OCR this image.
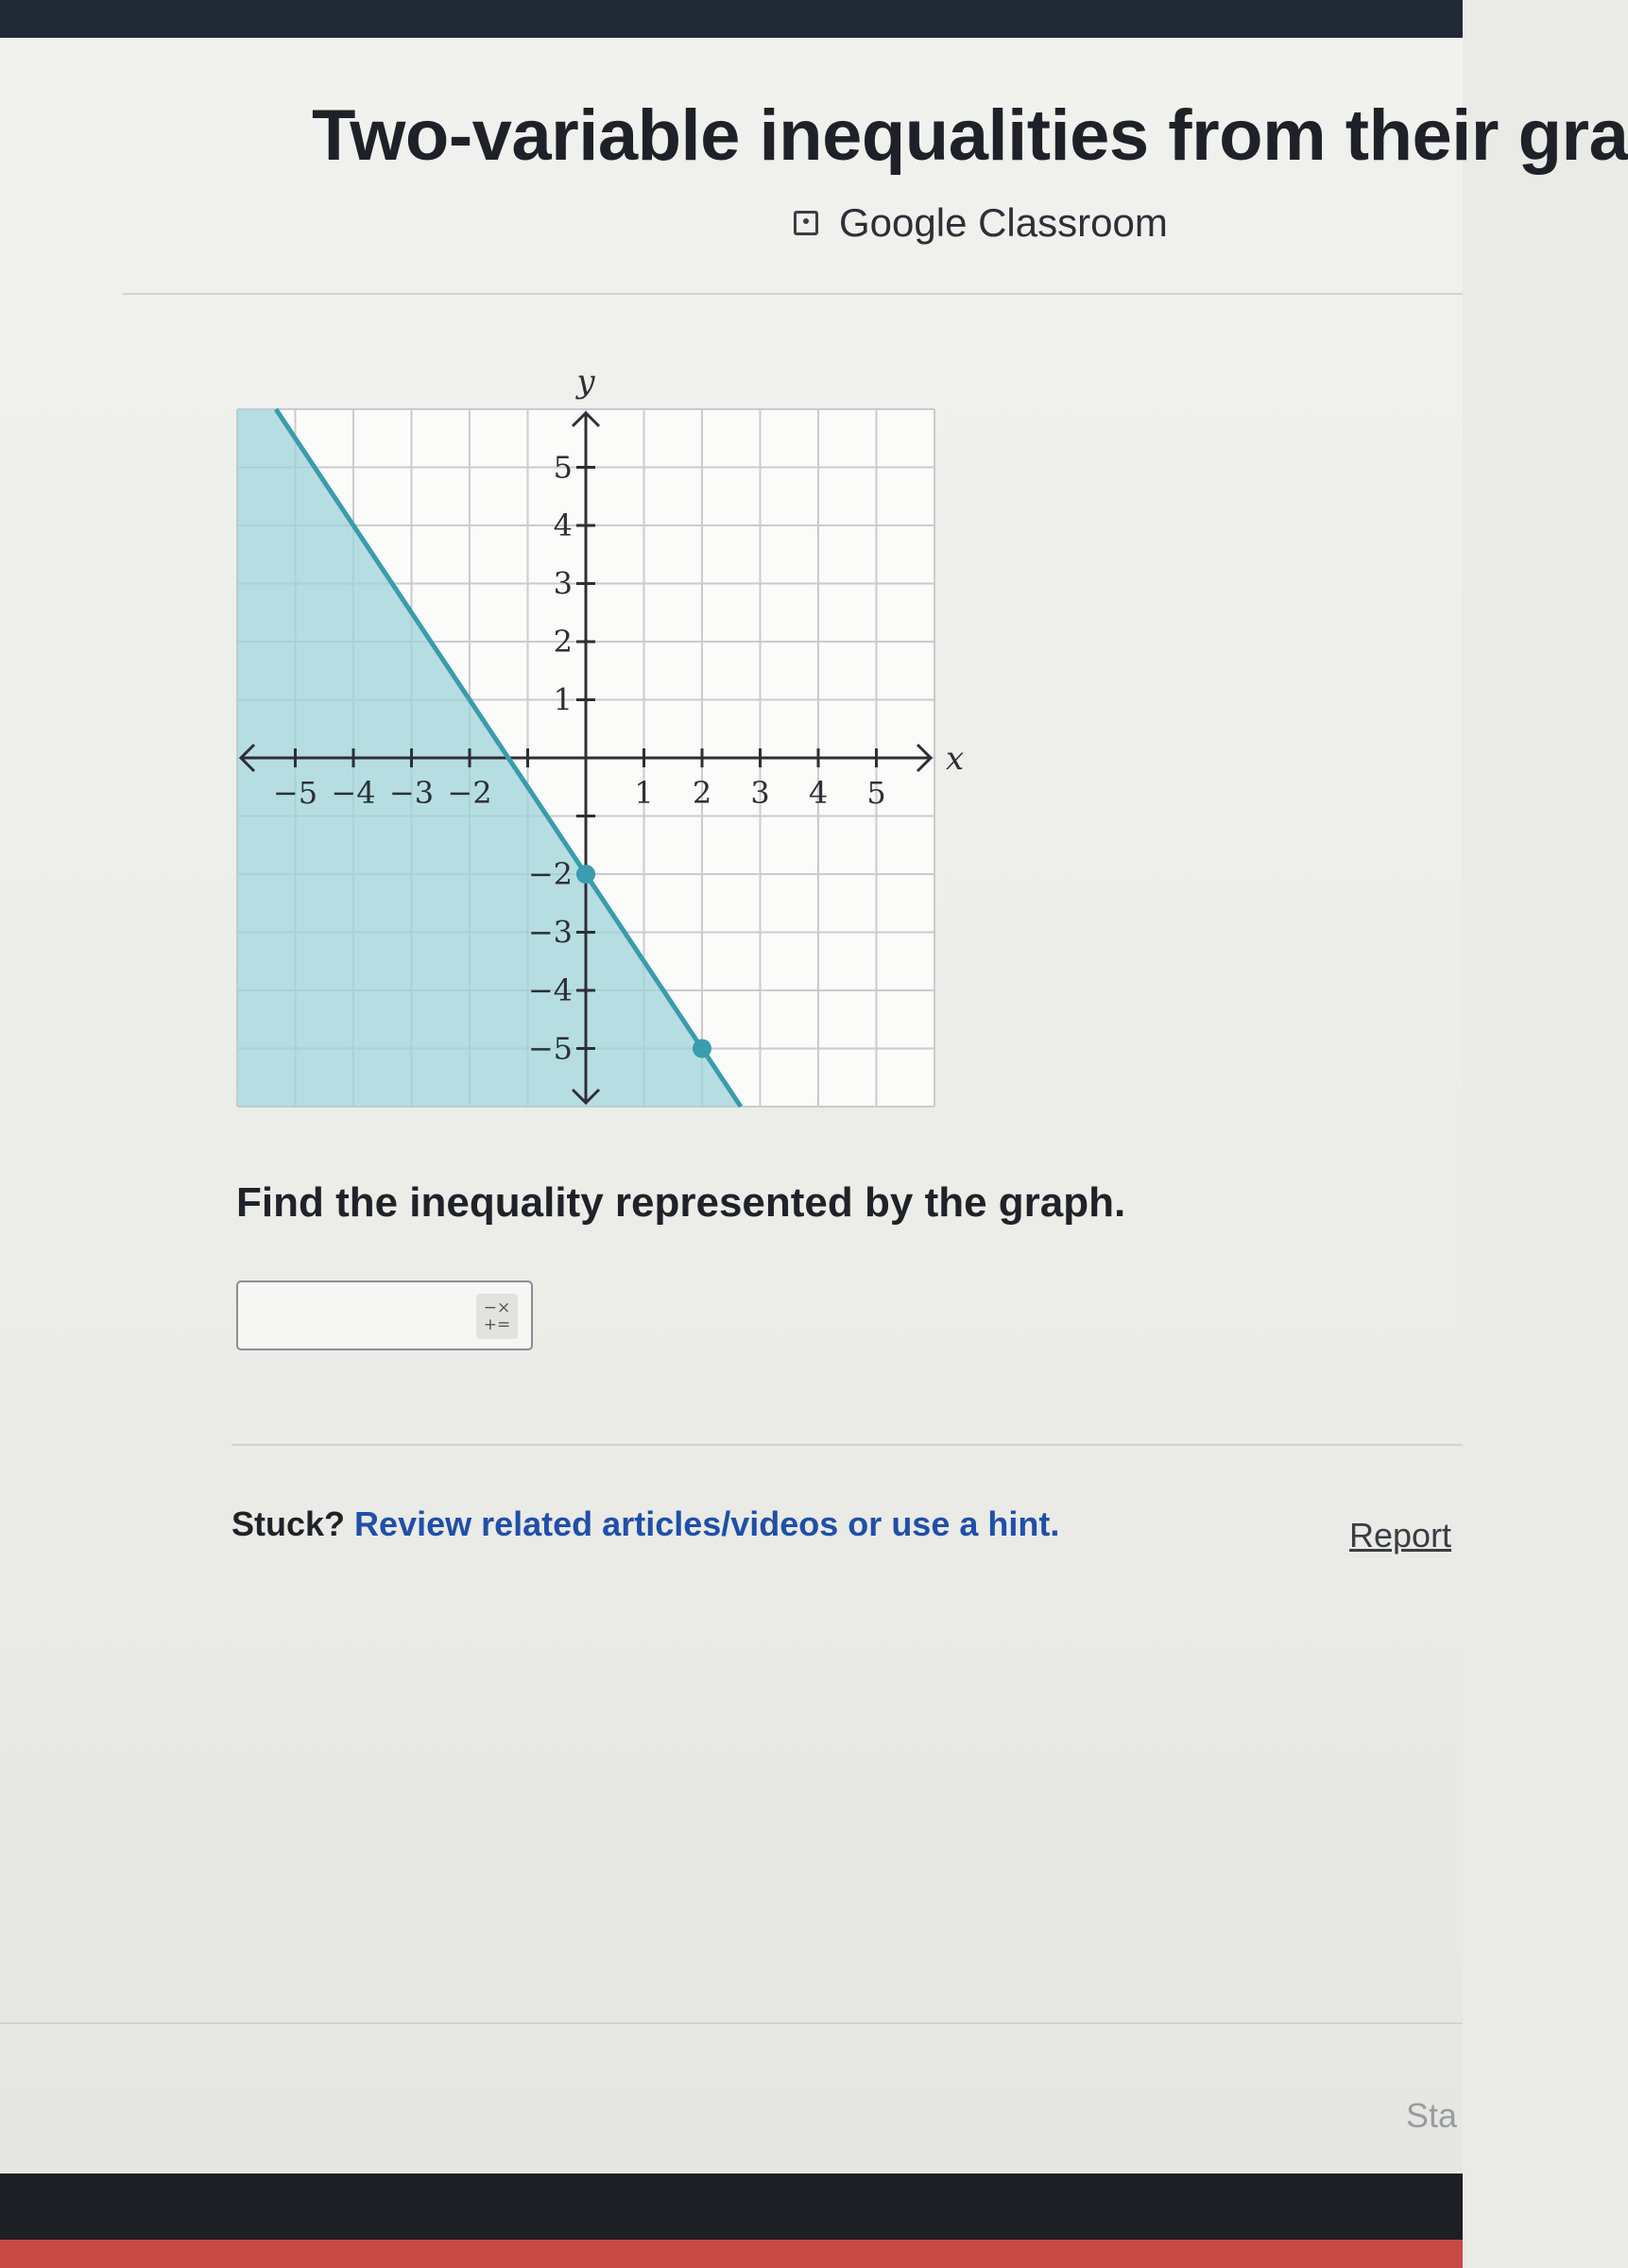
Two-variable inequalities from their gra
Google Classroom
−5 −4 −3 −2	1 2 3 4 5
5
4
3
2
1
−2
−3
−4
−5
x
y
Find the inequality represented by the graph.
−×
+=
Stuck? Review related articles/videos or use a hint.	Report
Sta
